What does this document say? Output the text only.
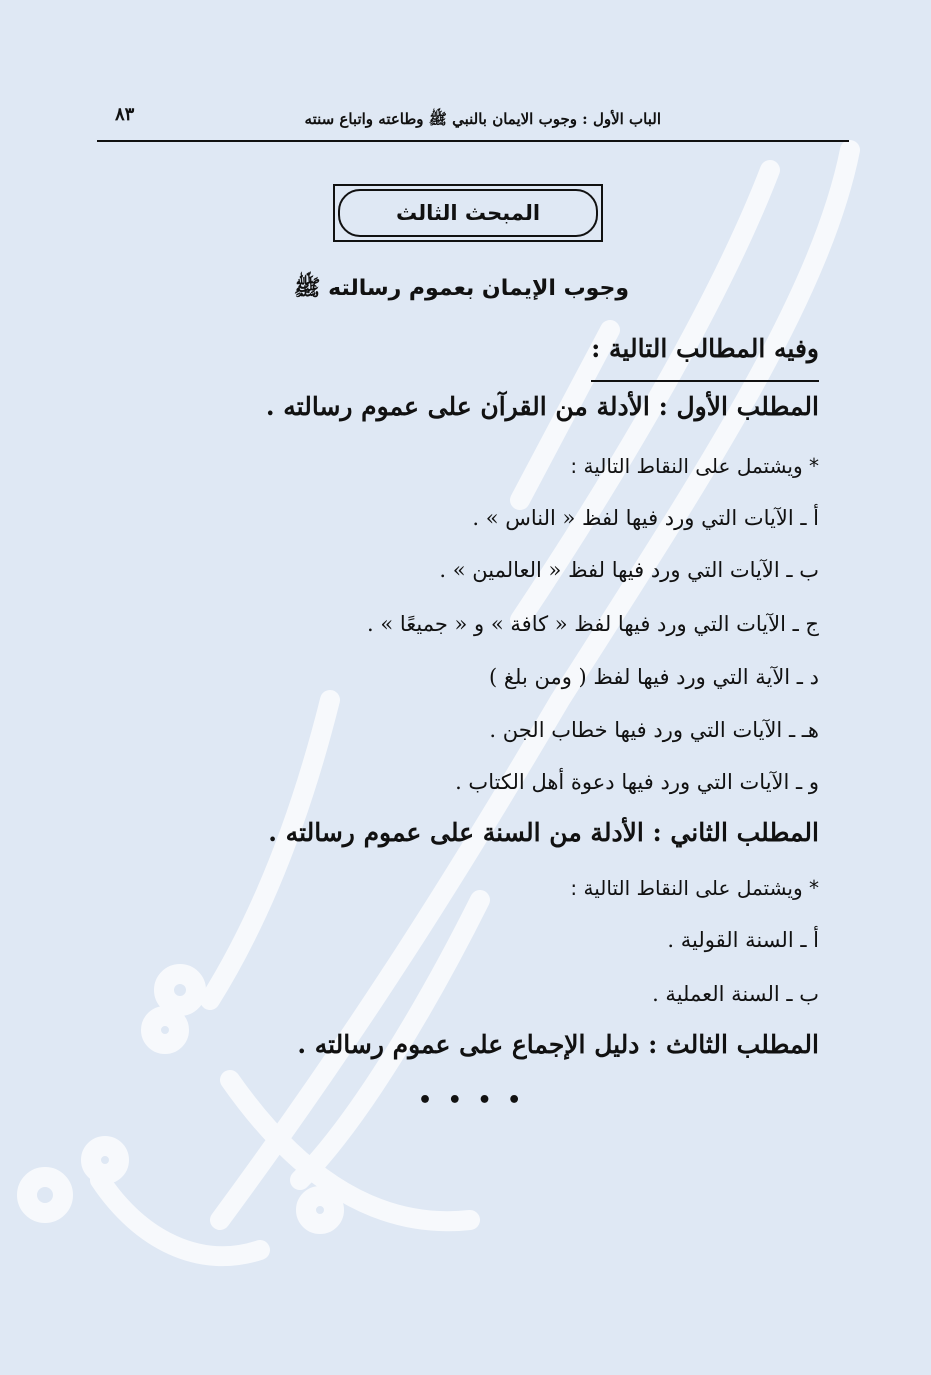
الباب الأول : وجوب الايمان بالنبي ﷺ وطاعته واتباع سنته
٨٣
المبحث الثالث
وجوب الإيمان بعموم رسالته ﷺ
وفيه المطالب التالية :
المطلب الأول : الأدلة من القرآن على عموم رسالته .
* ويشتمل على النقاط التالية :
أ ـ الآيات التي ورد فيها لفظ « الناس » .
ب ـ الآيات التي ورد فيها لفظ « العالمين » .
ج ـ الآيات التي ورد فيها لفظ « كافة » و « جميعًا » .
د ـ الآية التي ورد فيها لفظ ( ومن بلغ )
هـ ـ الآيات التي ورد فيها خطاب الجن .
و ـ الآيات التي ورد فيها دعوة أهل الكتاب .
المطلب الثاني : الأدلة من السنة على عموم رسالته .
* ويشتمل على النقاط التالية :
أ ـ السنة القولية .
ب ـ السنة العملية .
المطلب الثالث : دليل الإجماع على عموم رسالته .
• • • •
